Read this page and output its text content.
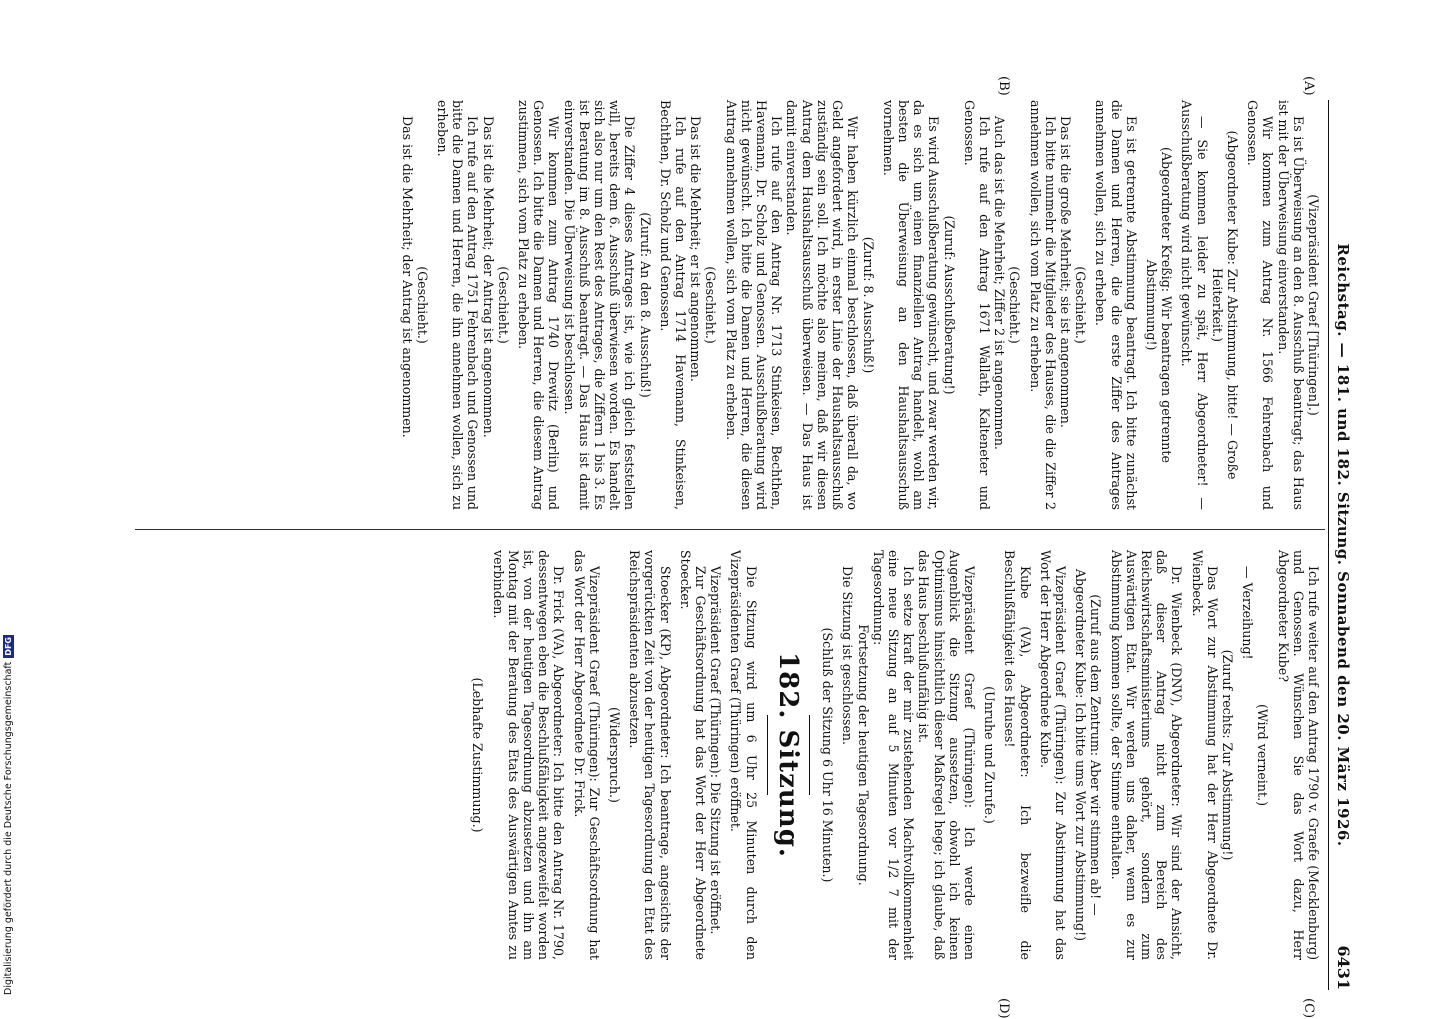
Digitalisierung gefördert durch die Deutsche ForschungsgemeinschaftDFG	Reichstag. — 181. und 182. Sitzung. Sonnabend den 20. März 1926.
6431
(A)
(B)
(C)
(D)

(Vizepräsident Graef [Thüringen].)

Es ist Überweisung an den 8. Ausschuß beantragt; das Haus ist mit der Überweisung einverstanden.

Wir kommen zum Antrag Nr. 1566 Fehrenbach und Genossen.

(Abgeordneter Kube: Zur Abstimmung, bitte! — Große Heiterkeit.)

— Sie kommen leider zu spät, Herr Abgeordneter! — Ausschußberatung wird nicht gewünscht.

(Abgeordneter Kreßig: Wir beantragen getrennte Abstimmung!)

Es ist getrennte Abstimmung beantragt. Ich bitte zunächst die Damen und Herren, die die erste Ziffer des Antrages annehmen wollen, sich zu erheben.

(Geschieht.)

Das ist die große Mehrheit; sie ist angenommen.

Ich bitte nunmehr die Mitglieder des Hauses, die die Ziffer 2 annehmen wollen, sich vom Platz zu erheben.

(Geschieht.)

Auch das ist die Mehrheit; Ziffer 2 ist angenommen.

Ich rufe auf den Antrag 1671 Wallath, Kalteneter und Genossen.

(Zuruf: Ausschußberatung!)

Es wird Ausschußberatung gewünscht, und zwar werden wir, da es sich um einen finanziellen Antrag handelt, wohl am besten die Überweisung an den Haushaltsausschuß vornehmen.

(Zuruf: 8. Ausschuß!)

Wir haben kürzlich einmal beschlossen, daß überall da, wo Geld angefordert wird, in erster Linie der Haushaltsausschuß zuständig sein soll. Ich möchte also meinen, daß wir diesen Antrag dem Haushaltsausschuß überweisen. — Das Haus ist damit einverstanden.

Ich rufe auf den Antrag Nr. 1713 Stinkeisen, Bechthen, Havemann, Dr. Scholz und Genossen. Ausschußberatung wird nicht gewünscht. Ich bitte die Damen und Herren, die diesen Antrag annehmen wollen, sich vom Platz zu erheben.

(Geschieht.)

Das ist die Mehrheit; er ist angenommen.

Ich rufe auf den Antrag 1714 Havemann, Stinkeisen, Bechthen, Dr. Scholz und Genossen.

(Zuruf: An den 8. Ausschuß!)

Die Ziffer 4 dieses Antrages ist, wie ich gleich feststellen will, bereits dem 6. Ausschuß überwiesen worden. Es handelt sich also nur um den Rest des Antrages, die Ziffern 1 bis 3. Es ist Beratung im 8. Ausschuß beantragt. — Das Haus ist damit einverstanden. Die Überweisung ist beschlossen.

Wir kommen zum Antrag 1740 Drewitz (Berlin) und Genossen. Ich bitte die Damen und Herren, die diesem Antrag zustimmen, sich vom Platz zu erheben.

(Geschieht.)

Das ist die Mehrheit; der Antrag ist angenommen.

Ich rufe auf den Antrag 1751 Fehrenbach und Genossen und bitte die Damen und Herren, die ihn annehmen wollen, sich zu erheben.

(Geschieht.)

Das ist die Mehrheit; der Antrag ist angenommen.

Ich rufe weiter auf den Antrag 1790 v. Graefe (Mecklenburg) und Genossen. Wünschen Sie das Wort dazu, Herr Abgeordneter Kube?

(Wird verneint.)

— Verzeihung!

(Zuruf rechts: Zur Abstimmung!)

Das Wort zur Abstimmung hat der Herr Abgeordnete Dr. Wienbeck.

Dr. Wienbeck (DNV), Abgeordneter: Wir sind der Ansicht, daß dieser Antrag nicht zum Bereich des Reichswirtschaftsministeriums gehört, sondern zum Auswärtigen Etat. Wir werden uns daher, wenn es zur Abstimmung kommen sollte, der Stimme enthalten.

(Zuruf aus dem Zentrum: Aber wir stimmen ab! — Abgeordneter Kube: Ich bitte ums Wort zur Abstimmung!)

Vizepräsident Graef (Thüringen): Zur Abstimmung hat das Wort der Herr Abgeordnete Kube.

Kube (VA), Abgeordneter: Ich bezweifle die Beschlußfähigkeit des Hauses!

(Unruhe und Zurufe.)

Vizepräsident Graef (Thüringen): Ich werde einen Augenblick die Sitzung aussetzen, obwohl ich keinen Optimismus hinsichtlich dieser Maßregel hege; ich glaube, daß das Haus beschlußunfähig ist.

Ich setze kraft der mir zustehenden Machtvollkommenheit eine neue Sitzung an auf 5 Minuten vor 1/2 7 mit der Tagesordnung:

Fortsetzung der heutigen Tagesordnung.

Die Sitzung ist geschlossen.

(Schluß der Sitzung 6 Uhr 16 Minuten.)

182. Sitzung.

Die Sitzung wird um 6 Uhr 25 Minuten durch den Vizepräsidenten Graef (Thüringen) eröffnet.

Vizepräsident Graef (Thüringen): Die Sitzung ist eröffnet.

Zur Geschäftsordnung hat das Wort der Herr Abgeordnete Stoecker.

Stoecker (KP), Abgeordneter: Ich beantrage, angesichts der vorgerückten Zeit von der heutigen Tagesordnung den Etat des Reichspräsidenten abzusetzen.

(Widerspruch.)

Vizepräsident Graef (Thüringen): Zur Geschäftsordnung hat das Wort der Herr Abgeordnete Dr. Frick.

Dr. Frick (VA), Abgeordneter: Ich bitte den Antrag Nr. 1790, dessentwegen eben die Beschlußfähigkeit angezweifelt worden ist, von der heutigen Tagesordnung abzusetzen und ihn am Montag mit der Beratung des Etats des Auswärtigen Amtes zu verbinden.

(Lebhafte Zustimmung.)
